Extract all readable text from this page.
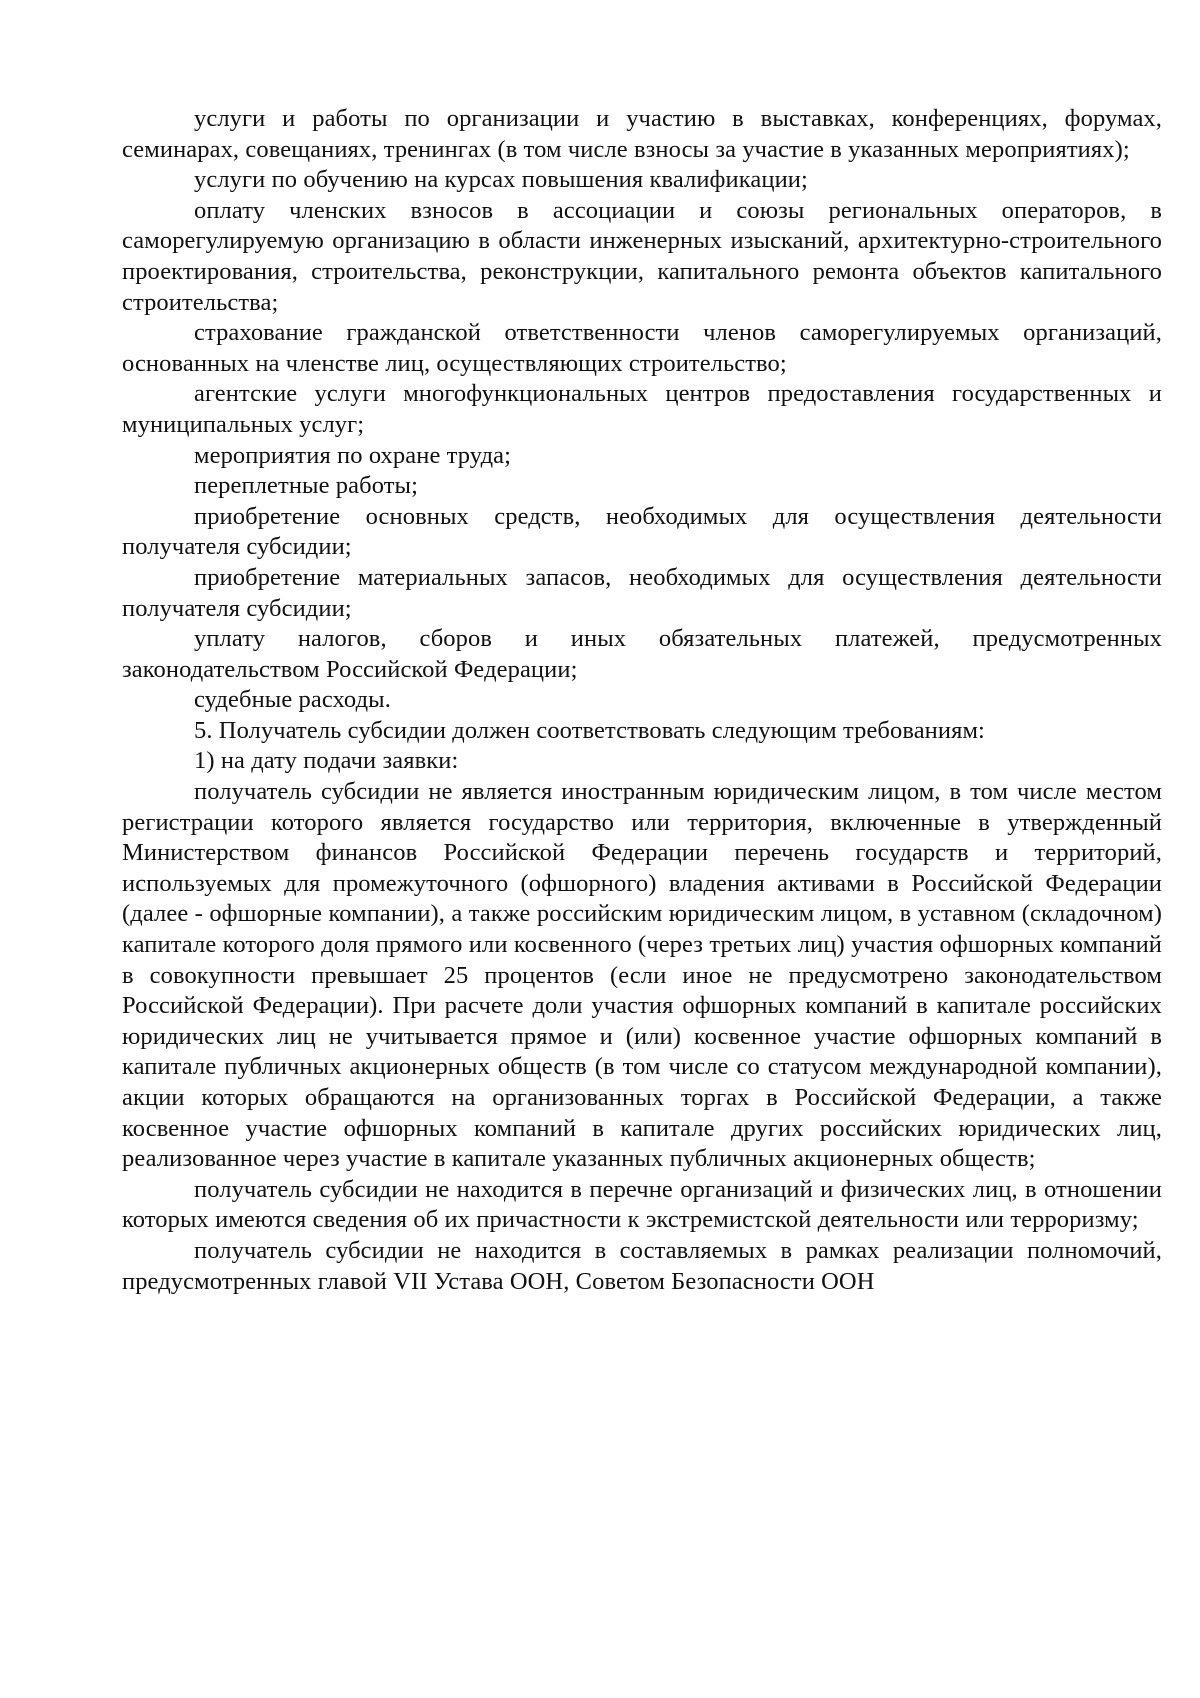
услуги и работы по организации и участию в выставках, конференциях, форумах, семинарах, совещаниях, тренингах (в том числе взносы за участие в указанных мероприятиях);

услуги по обучению на курсах повышения квалификации;

оплату членских взносов в ассоциации и союзы региональных операторов, в саморегулируемую организацию в области инженерных изысканий, архитектурно-строительного проектирования, строительства, реконструкции, капитального ремонта объектов капитального строительства;

страхование гражданской ответственности членов саморегулируемых организаций, основанных на членстве лиц, осуществляющих строительство;

агентские услуги многофункциональных центров предоставления государственных и муниципальных услуг;

мероприятия по охране труда;

переплетные работы;

приобретение основных средств, необходимых для осуществления деятельности получателя субсидии;

приобретение материальных запасов, необходимых для осуществления деятельности получателя субсидии;

уплату налогов, сборов и иных обязательных платежей, предусмотренных законодательством Российской Федерации;

судебные расходы.

5. Получатель субсидии должен соответствовать следующим требованиям:

1) на дату подачи заявки:

получатель субсидии не является иностранным юридическим лицом, в том числе местом регистрации которого является государство или территория, включенные в утвержденный Министерством финансов Российской Федерации перечень государств и территорий, используемых для промежуточного (офшорного) владения активами в Российской Федерации (далее - офшорные компании), а также российским юридическим лицом, в уставном (складочном) капитале которого доля прямого или косвенного (через третьих лиц) участия офшорных компаний в совокупности превышает 25 процентов (если иное не предусмотрено законодательством Российской Федерации). При расчете доли участия офшорных компаний в капитале российских юридических лиц не учитывается прямое и (или) косвенное участие офшорных компаний в капитале публичных акционерных обществ (в том числе со статусом международной компании), акции которых обращаются на организованных торгах в Российской Федерации, а также косвенное участие офшорных компаний в капитале других российских юридических лиц, реализованное через участие в капитале указанных публичных акционерных обществ;

получатель субсидии не находится в перечне организаций и физических лиц, в отношении которых имеются сведения об их причастности к экстремистской деятельности или терроризму;

получатель субсидии не находится в составляемых в рамках реализации полномочий, предусмотренных главой VII Устава ООН, Советом Безопасности ООН
